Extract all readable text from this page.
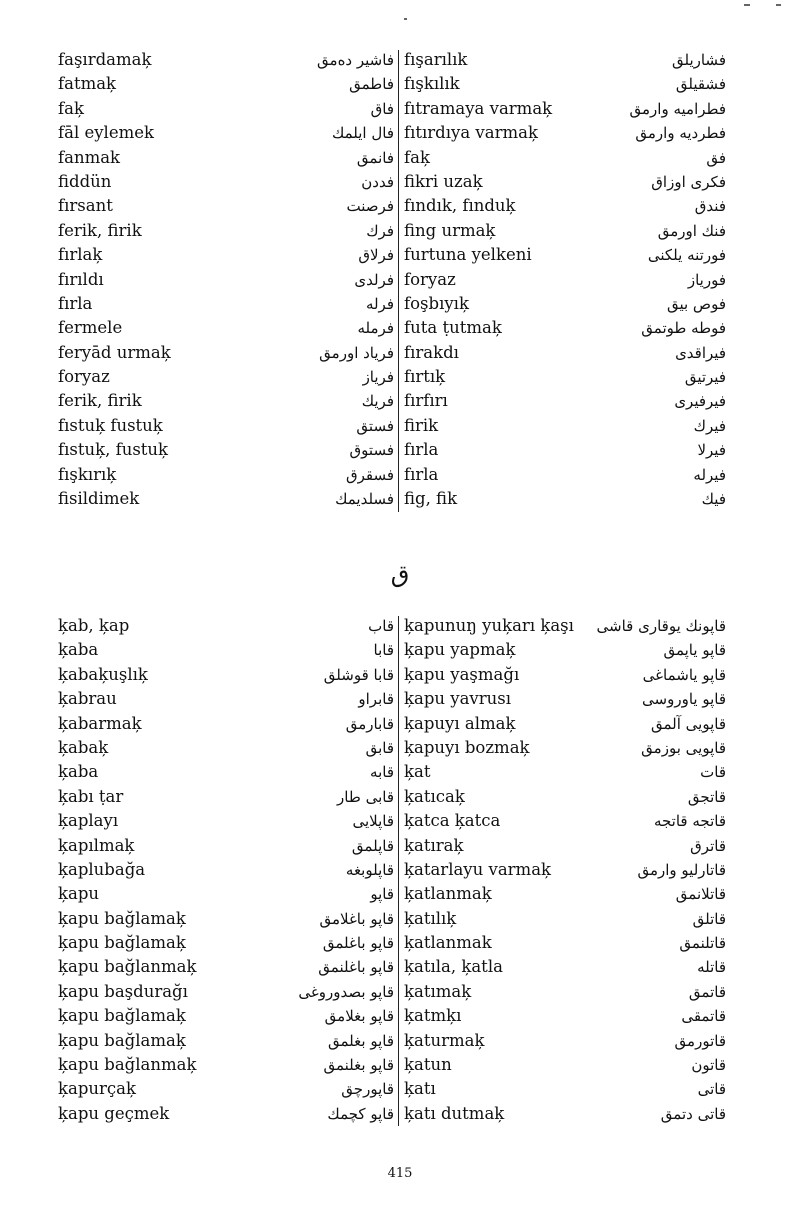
faşırdamaķ	فاشیر دەمق fışarılık	فشاریلق
fatmaķ	فاطمق fışkılık	فشقیلق
faķ	فاق fıtramaya varmaķ	فطرامیه وارمق
fāl eylemek	فال ایلمك fıtırdıya varmaķ	فطردیه وارمق
fanmak	فانمق faķ	فق
fiddün	فددن fikri uzaķ	فكری اوزاق
fırsant	فرصنت fındık, fınduķ	فندق
ferik, firik	فرك fing urmaķ	فنك اورمق
fırlaķ	فرلاق furtuna yelkeni	فورتنه یلكنی
fırıldı	فرلدی foryaz	فوریاز
fırla	فرله foşbıyıķ	فوص بیق
fermele	فرمله futa ṭutmaķ	فوطه طوتمق
feryād urmaķ	فریاد اورمق fırakdı	فیراقدی
foryaz	فریاز fırtıķ	فیرتیق
ferik, firik	فریك fırfırı	فیرفیری
fıstuķ fustuķ	فستق firik	فیرك
fıstuķ, fustuķ	فستوق fırla	فیرلا
fışkırıķ	فسقرق fırla	فیرله
fisildimek	فسلدیمك fig, fik	فیك
ق
ķab, ķap	قاب ķapunuŋ yuķarı ķaşı	قاپونك یوقاری قاشی
ķaba	قابا ķapu yapmaķ	قاپو یاپمق
ķabaķuşlıķ	قابا قوشلق ķapu yaşmağı	قاپو یاشماغی
ķabrau	قابراو ķapu yavrusı	قاپو یاوروسی
ķabarmaķ	قابارمق ķapuyı almaķ	قاپویی آلمق
ķabaķ	قابق ķapuyı bozmaķ	قاپویی بوزمق
ķaba	قابه ķat	قات
ķabı ṭar	قابی طار ķatıcaķ	قاتجق
ķaplayı	قاپلایی ķatca ķatca	قاتجه قاتجه
ķapılmaķ	قاپلمق ķatıraķ	قاترق
ķaplubağa	قاپلوبغه ķatarlayu varmaķ	قاتارلیو وارمق
ķapu	قاپو ķatlanmaķ	قاتلانمق
ķapu bağlamaķ	قاپو باغلامق ķatılıķ	قاتلق
ķapu bağlamaķ	قاپو باغلمق ķatlanmak	قاتلنمق
ķapu bağlanmaķ	قاپو باغلنمق ķatıla, ķatla	قاتله
ķapu başdurağı	قاپو بصدوروغی ķatımaķ	قاتمق
ķapu bağlamaķ	قاپو بغلامق ķatmķı	قاتمقی
ķapu bağlamaķ	قاپو بغلمق ķaturmaķ	قاتورمق
ķapu bağlanmaķ	قاپو بغلنمق ķatun	قاتون
ķapurçaķ	قاپورچق ķatı	قاتی
ķapu geçmek	قاپو كچمك ķatı dutmaķ	قاتی دتمق
415
